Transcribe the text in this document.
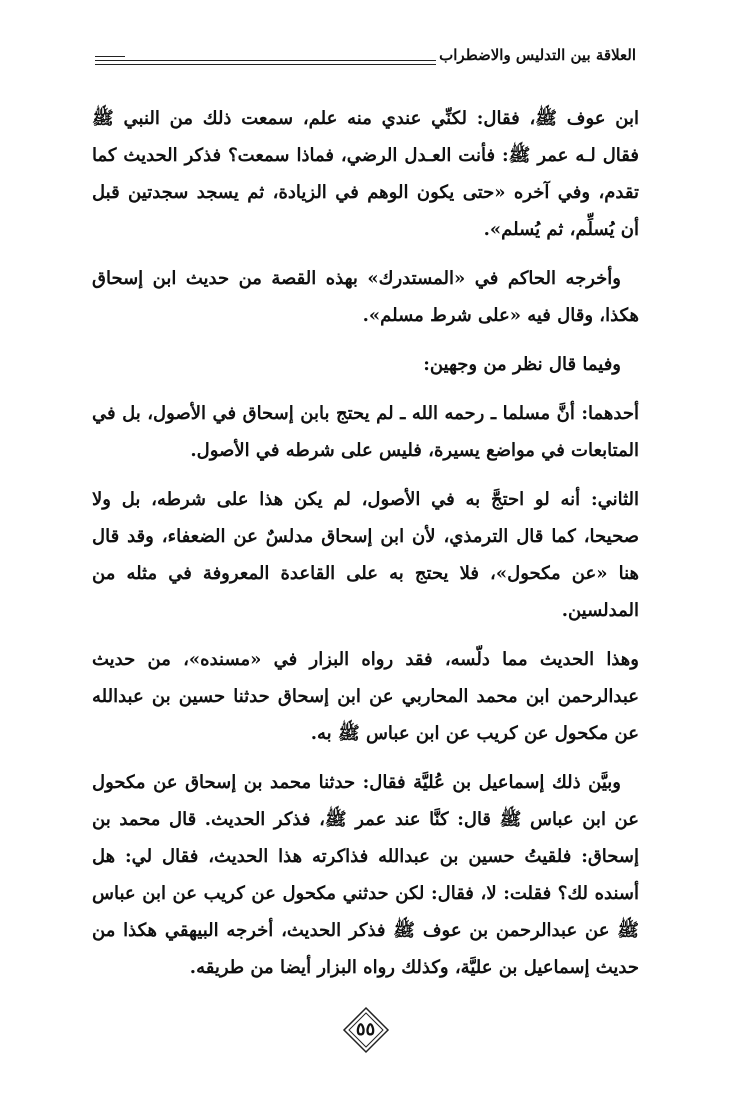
العلاقة بين التدليس والاضطراب

ابن عوف ﷺ، فقال: لكنِّي عندي منه علم، سمعت ذلك من النبي ﷺ فقال لـه عمر ﷺ: فأنت العـدل الرضي، فماذا سمعت؟ فذكر الحديث كما تقدم، وفي آخره «حتى يكون الوهم في الزيادة، ثم يسجد سجدتين قبل أن يُسلِّم، ثم يُسلم».

وأخرجه الحاكم في «المستدرك» بهذه القصة من حديث ابن إسحاق هكذا، وقال فيه «على شرط مسلم».

وفيما قال نظر من وجهين:

أحدهما: أنَّ مسلما ـ رحمه الله ـ لم يحتج بابن إسحاق في الأصول، بل في المتابعات في مواضع يسيرة، فليس على شرطه في الأصول.

الثاني: أنه لو احتجَّ به في الأصول، لم يكن هذا على شرطه، بل ولا صحيحا، كما قال الترمذي، لأن ابن إسحاق مدلسٌ عن الضعفاء، وقد قال هنا «عن مكحول»، فلا يحتج به على القاعدة المعروفة في مثله من المدلسين.

وهذا الحديث مما دلّسه، فقد رواه البزار في «مسنده»، من حديث عبدالرحمن ابن محمد المحاربي عن ابن إسحاق حدثنا حسين بن عبدالله عن مكحول عن كريب عن ابن عباس ﷺ به.

وبيَّن ذلك إسماعيل بن عُليَّة فقال: حدثنا محمد بن إسحاق عن مكحول عن ابن عباس ﷺ قال: كنَّا عند عمر ﷺ، فذكر الحديث. قال محمد بن إسحاق: فلقيتُ حسين بن عبدالله فذاكرته هذا الحديث، فقال لي: هل أسنده لك؟ فقلت: لا، فقال: لكن حدثني مكحول عن كريب عن ابن عباس ﷺ عن عبدالرحمن بن عوف ﷺ فذكر الحديث، أخرجه البيهقي هكذا من حديث إسماعيل بن عليَّة، وكذلك رواه البزار أيضا من طريقه.

٥٥
